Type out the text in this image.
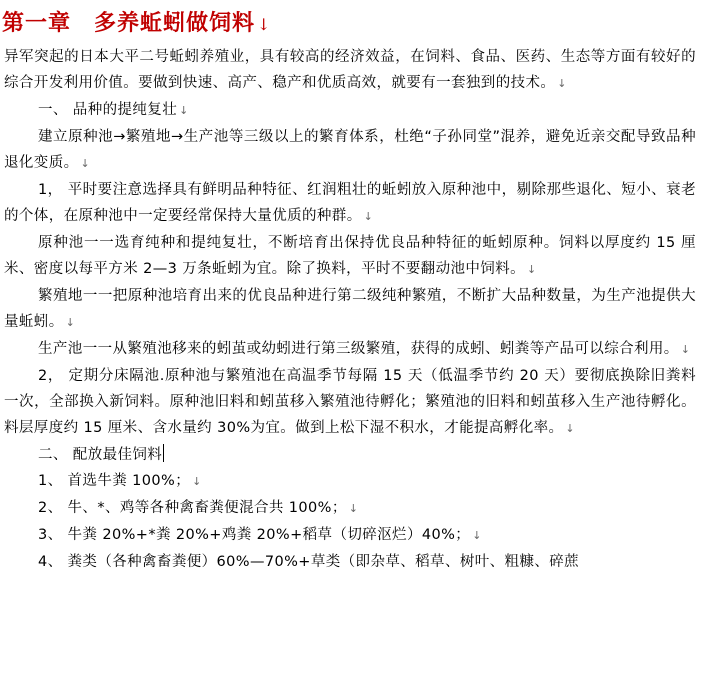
第一章　多养蚯蚓做饲料 ↓

异军突起的日本大平二号蚯蚓养殖业，具有较高的经济效益，在饲料、食品、医药、生态等方面有较好的综合开发利用价值。要做到快速、高产、稳产和优质高效，就要有一套独到的技术。 ↓

一、 品种的提纯复壮 ↓

建立原种池→繁殖地→生产池等三级以上的繁育体系，杜绝“子孙同堂”混养，避免近亲交配导致品种退化变质。 ↓

1， 平时要注意选择具有鲜明品种特征、红润粗壮的蚯蚓放入原种池中，剔除那些退化、短小、衰老的个体，在原种池中一定要经常保持大量优质的种群。 ↓

原种池一一选育纯种和提纯复壮，不断培育出保持优良品种特征的蚯蚓原种。饲料以厚度约 15 厘米、密度以每平方米 2—3 万条蚯蚓为宜。除了换料，平时不要翻动池中饲料。 ↓

繁殖地一一把原种池培育出来的优良品种进行第二级纯种繁殖，不断扩大品种数量，为生产池提供大量蚯蚓。 ↓

生产池一一从繁殖池移来的蚓茧或幼蚓进行第三级繁殖，获得的成蚓、蚓粪等产品可以综合利用。 ↓

2， 定期分床隔池.原种池与繁殖池在高温季节每隔 15 天（低温季节约 20 天）要彻底换除旧粪料一次，全部换入新饲料。原种池旧料和蚓茧移入繁殖池待孵化；繁殖池的旧料和蚓茧移入生产池待孵化。料层厚度约 15 厘米、含水量约 30%为宜。做到上松下湿不积水，才能提高孵化率。 ↓

二、 配放最佳饲料

1、 首选牛粪 100%； ↓

2、 牛、*、鸡等各种禽畜粪便混合共 100%； ↓

3、 牛粪 20%+*粪 20%+鸡粪 20%+稻草（切碎沤烂）40%； ↓

4、 粪类（各种禽畜粪便）60%—70%+草类（即杂草、稻草、树叶、粗糠、碎蔗
